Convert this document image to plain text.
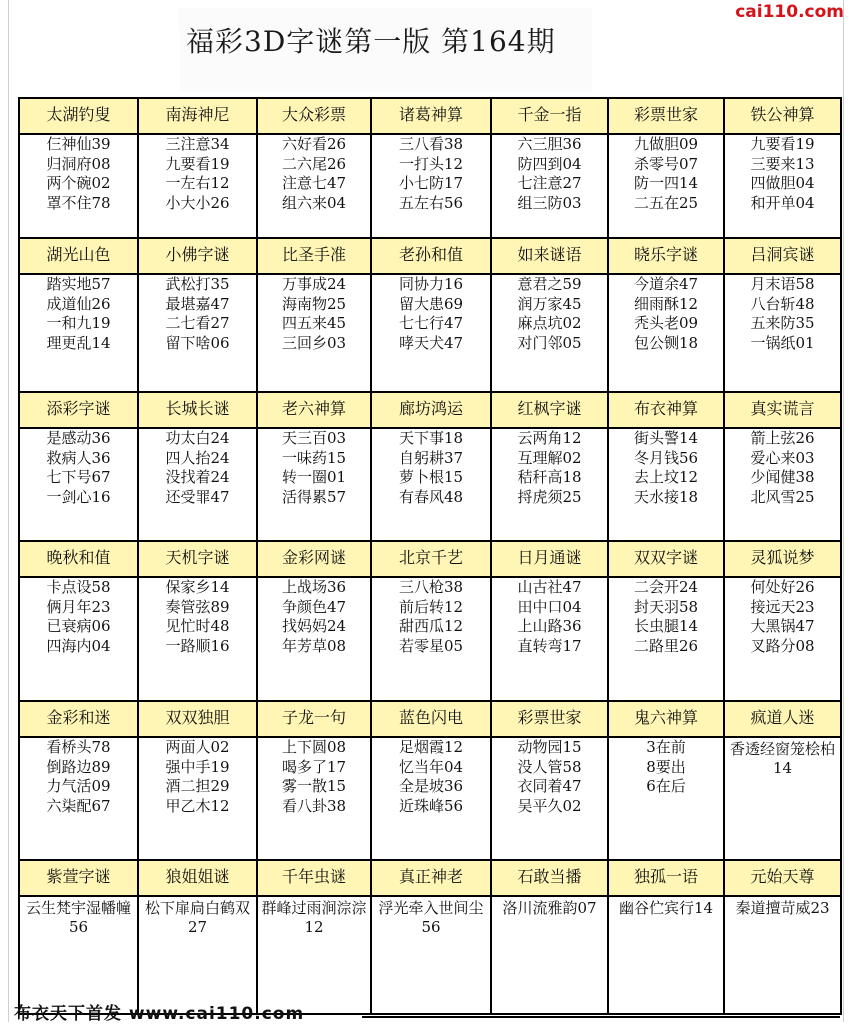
福彩3D字谜第一版 第164期
cai110.com
太湖钓叟	南海神尼	大众彩票	诸葛神算	千金一指	彩票世家	铁公神算

仨神仙39
归洞府08
两个碗02
罩不住78	三注意34
九要看19
一左右12
小大小26	六好看26
二六尾26
注意七47
组六来04	三八看38
一打头12
小七防17
五左右56	六三胆36
防四到04
七注意27
组三防03	九做胆09
杀零号07
防一四14
二五在25	九要看19
三要来13
四做胆04
和开单04

湖光山色	小佛字谜	比圣手准	老孙和值	如来谜语	晓乐字谜	吕洞宾谜

踏实地57
成道仙26
一和九19
理更乱14	武松打35
最堪嘉47
二七看27
留下啥06	万事成24
海南物25
四五来45
三回乡03	同协力16
留大患69
七七行47
哮天犬47	意君之59
润万家45
麻点坑02
对门邻05	今道余47
细雨酥12
秃头老09
包公铡18	月末语58
八台斩48
五来防35
一锅纸01

添彩字谜	长城长谜	老六神算	廊坊鸿运	红枫字谜	布衣神算	真实谎言

是感动36
救病人36
七下号67
一剑心16	功太白24
四人抬24
没找着24
还受罪47	天三百03
一味药15
转一圈01
活得累57	天下事18
自躬耕37
萝卜根15
有春风48	云两角12
互理解02
秸秆高18
捋虎须25	街头警14
冬月钱56
去上坟12
天水接18	箭上弦26
爱心来03
少闻健38
北风雪25

晚秋和值	天机字谜	金彩网谜	北京千艺	日月通谜	双双字谜	灵狐说梦

卡点设58
俩月年23
已衰病06
四海内04	保家乡14
奏管弦89
见忙时48
一路顺16	上战场36
争颜色47
找妈妈24
年芳草08	三八枪38
前后转12
甜西瓜12
若零星05	山古社47
田中口04
上山路36
直转弯17	二会开24
封天羽58
长虫腿14
二路里26	何处好26
接远天23
大黑锅47
叉路分08

金彩和迷	双双独胆	子龙一句	蓝色闪电	彩票世家	鬼六神算	疯道人迷

看桥头78
倒路边89
力气活09
六柒配67	两面人02
强中手19
酒二担29
甲乙木12	上下圆08
喝多了17
雾一散15
看八卦38	足烟霞12
忆当年04
全是坡36
近珠峰56	动物园15
没人管58
衣同着47
吴平久02	3在前
8要出
6在后	香透经窗笼桧柏14

紫萱字谜	狼姐姐谜	千年虫谜	真正神老	石敢当播	独孤一语	元始天尊

云生梵宇湿幡幢56	松下扉扃白鹤双27	群峰过雨涧淙淙12	浮光牵入世间尘56	洛川流雅韵07	幽谷伫宾行14	秦道擅苛威23
布衣天下首发 www.cai110.com
